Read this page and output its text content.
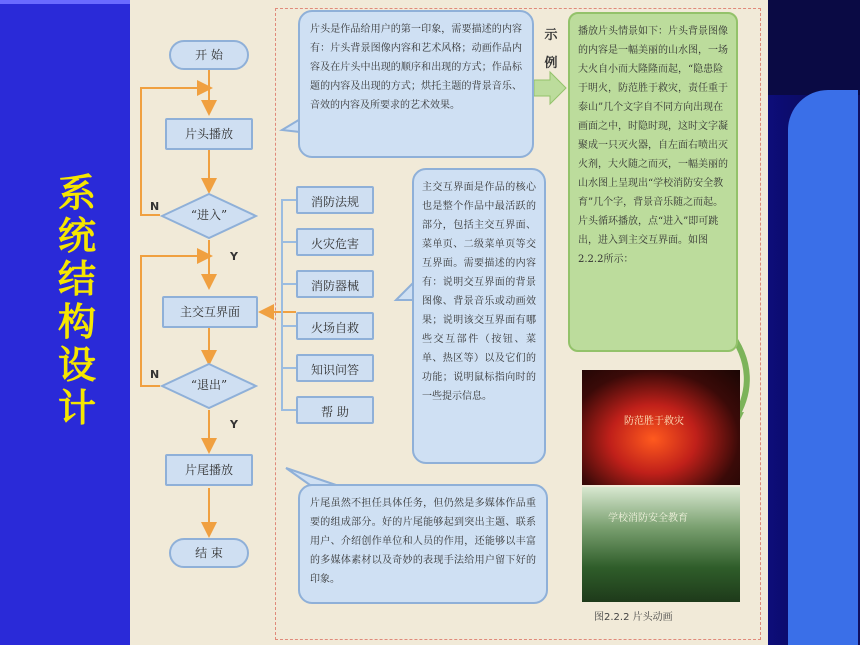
系
统
结
构
设
计
开 始
片头播放
“进入”
N
Y
主交互界面
“退出”
N
Y
片尾播放
结 束
消防法规
火灾危害
消防器械
火场自救
知识问答
帮 助
片头是作品给用户的第一印象，需要描述的内容有：片头背景图像内容和艺术风格；动画作品内容及在片头中出现的顺序和出现的方式；作品标题的内容及出现的方式；烘托主题的背景音乐、音效的内容及所要求的艺术效果。
主交互界面是作品的核心也是整个作品中最活跃的部分，包括主交互界面、菜单页、二级菜单页等交互界面。需要描述的内容有：说明交互界面的背景图像、背景音乐或动画效果；说明该交互界面有哪些交互部件（按钮、菜单、热区等）以及它们的功能；说明鼠标指向时的一些提示信息。
片尾虽然不担任具体任务，但仍然是多媒体作品重要的组成部分。好的片尾能够起到突出主题、联系用户、介绍创作单位和人员的作用，还能够以丰富的多媒体素材以及奇妙的表现手法给用户留下好的印象。
示
例
播放片头情景如下：片头背景图像的内容是一幅美丽的山水图，一场大火自小而大隆隆而起，“隐患险于明火，防范胜于救灾，责任重于泰山”几个文字自不同方向出现在画面之中，时隐时现，这时文字凝聚成一只灭火器，自左面右喷出灭火剂，大火随之而灭，一幅美丽的山水图上呈现出“学校消防安全教育”几个字，背景音乐随之而起。片头循环播放，点“进入”即可跳出，进入到主交互界面。如图2.2.2所示：
防范胜于救灾
学校消防安全教育
图2.2.2 片头动画
